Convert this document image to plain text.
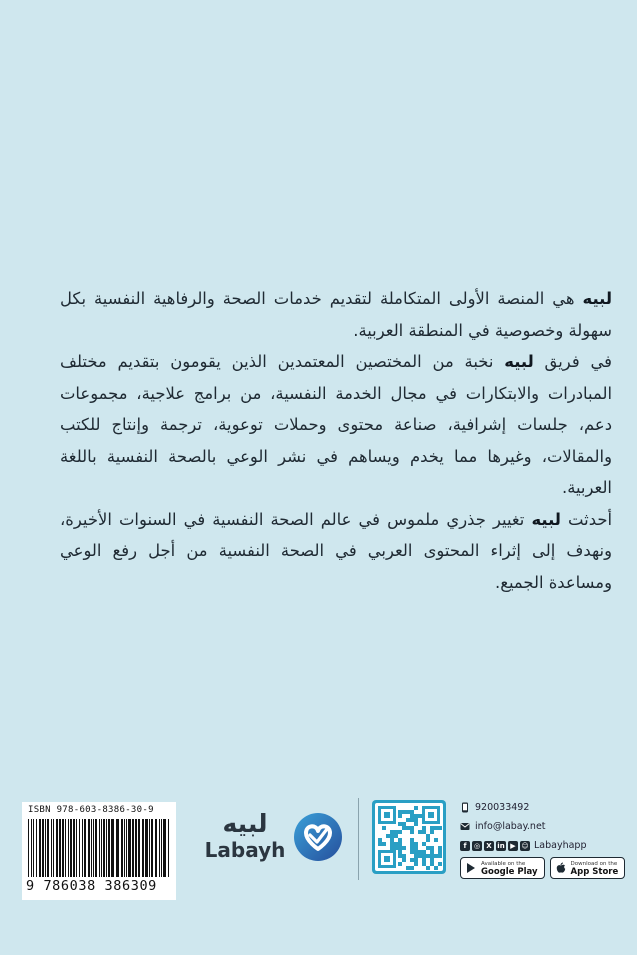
لبيه هي المنصة الأولى المتكاملة لتقديم خدمات الصحة والرفاهية النفسية بكل سهولة وخصوصية في المنطقة العربية.

في فريق لبيه نخبة من المختصين المعتمدين الذين يقومون بتقديم مختلف المبادرات والابتكارات في مجال الخدمة النفسية، من برامج علاجية، مجموعات دعم، جلسات إشرافية، صناعة محتوى وحملات توعوية، ترجمة وإنتاج للكتب والمقالات، وغيرها مما يخدم ويساهم في نشر الوعي بالصحة النفسية باللغة العربية.

أحدثت لبيه تغيير جذري ملموس في عالم الصحة النفسية في السنوات الأخيرة، ونهدف إلى إثراء المحتوى العربي في الصحة النفسية من أجل رفع الوعي ومساعدة الجميع.

ISBN 978-603-8386-30-9
9 786038 386309
لبيه
Labayh
920033492
info@labay.net
f	◎ X in ▶ ☺ Labayhapp
Available on the
Google Play
Download on the
App Store
